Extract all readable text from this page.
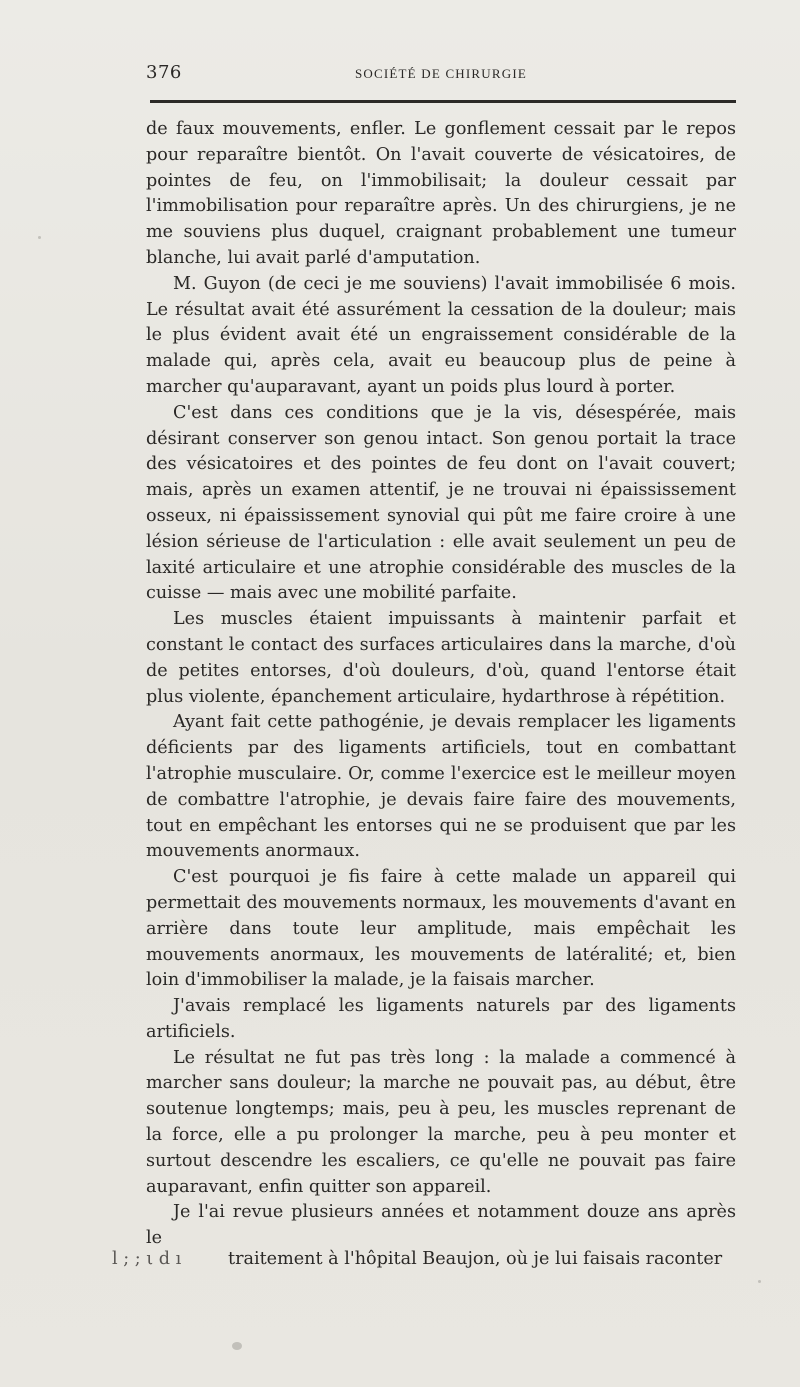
376	SOCIÉTÉ DE CHIRURGIE

de faux mouvements, enfler. Le gonflement cessait par le repos pour reparaître bientôt. On l'avait couverte de vésicatoires, de pointes de feu, on l'immobilisait; la douleur cessait par l'immobilisation pour reparaître après. Un des chirurgiens, je ne me souviens plus duquel, craignant probablement une tumeur blanche, lui avait parlé d'amputation.

M. Guyon (de ceci je me souviens) l'avait immobilisée 6 mois. Le résultat avait été assurément la cessation de la douleur; mais le plus évident avait été un engraissement considérable de la malade qui, après cela, avait eu beaucoup plus de peine à marcher qu'auparavant, ayant un poids plus lourd à porter.

C'est dans ces conditions que je la vis, désespérée, mais désirant conserver son genou intact. Son genou portait la trace des vésicatoires et des pointes de feu dont on l'avait couvert; mais, après un examen attentif, je ne trouvai ni épaississement osseux, ni épaississement synovial qui pût me faire croire à une lésion sérieuse de l'articulation : elle avait seulement un peu de laxité articulaire et une atrophie considérable des muscles de la cuisse — mais avec une mobilité parfaite.

Les muscles étaient impuissants à maintenir parfait et constant le contact des surfaces articulaires dans la marche, d'où de petites entorses, d'où douleurs, d'où, quand l'entorse était plus violente, épanchement articulaire, hydarthrose à répétition.

Ayant fait cette pathogénie, je devais remplacer les ligaments déficients par des ligaments artificiels, tout en combattant l'atrophie musculaire. Or, comme l'exercice est le meilleur moyen de combattre l'atrophie, je devais faire faire des mouvements, tout en empêchant les entorses qui ne se produisent que par les mouvements anormaux.

C'est pourquoi je fis faire à cette malade un appareil qui permettait des mouvements normaux, les mouvements d'avant en arrière dans toute leur amplitude, mais empêchait les mouvements anormaux, les mouvements de latéralité; et, bien loin d'immobiliser la malade, je la faisais marcher.

J'avais remplacé les ligaments naturels par des ligaments artificiels.

Le résultat ne fut pas très long : la malade a commencé à marcher sans douleur; la marche ne pouvait pas, au début, être soutenue longtemps; mais, peu à peu, les muscles reprenant de la force, elle a pu prolonger la marche, peu à peu monter et surtout descendre les escaliers, ce qu'elle ne pouvait pas faire auparavant, enfin quitter son appareil.

Je l'ai revue plusieurs années et notamment douze ans après le

l ; ; ι d ı	traitement à l'hôpital Beaujon, où je lui faisais raconter
